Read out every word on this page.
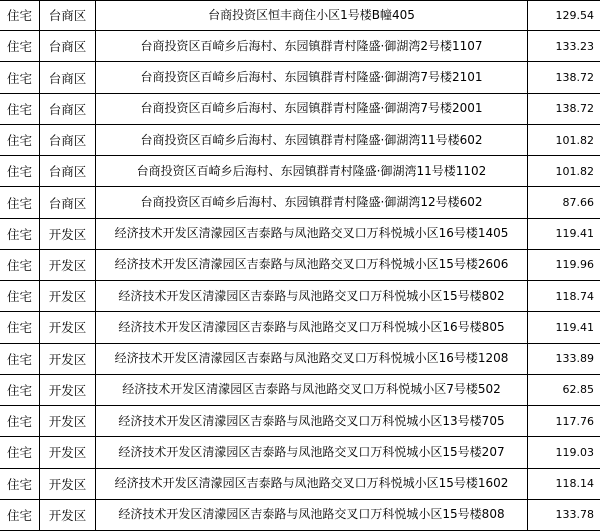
住宅 台商区	台商投资区恒丰商住小区1号楼B幢405	129.54
住宅 台商区	台商投资区百崎乡后海村、东园镇群青村隆盛·御湖湾2号楼1107	133.23
住宅 台商区	台商投资区百崎乡后海村、东园镇群青村隆盛·御湖湾7号楼2101	138.72
住宅 台商区	台商投资区百崎乡后海村、东园镇群青村隆盛·御湖湾7号楼2001	138.72
住宅 台商区	台商投资区百崎乡后海村、东园镇群青村隆盛·御湖湾11号楼602	101.82
住宅 台商区	台商投资区百崎乡后海村、东园镇群青村隆盛·御湖湾11号楼1102	101.82
住宅 台商区	台商投资区百崎乡后海村、东园镇群青村隆盛·御湖湾12号楼602	87.66
住宅 开发区	经济技术开发区清濛园区吉泰路与凤池路交叉口万科悦城小区16号楼1405	119.41
住宅 开发区	经济技术开发区清濛园区吉泰路与凤池路交叉口万科悦城小区15号楼2606	119.96
住宅 开发区	经济技术开发区清濛园区吉泰路与凤池路交叉口万科悦城小区15号楼802	118.74
住宅 开发区	经济技术开发区清濛园区吉泰路与凤池路交叉口万科悦城小区16号楼805	119.41
住宅 开发区	经济技术开发区清濛园区吉泰路与凤池路交叉口万科悦城小区16号楼1208	133.89
住宅 开发区	经济技术开发区清濛园区吉泰路与凤池路交叉口万科悦城小区7号楼502	62.85
住宅 开发区	经济技术开发区清濛园区吉泰路与凤池路交叉口万科悦城小区13号楼705	117.76
住宅 开发区	经济技术开发区清濛园区吉泰路与凤池路交叉口万科悦城小区15号楼207	119.03
住宅 开发区	经济技术开发区清濛园区吉泰路与凤池路交叉口万科悦城小区15号楼1602	118.14
住宅 开发区	经济技术开发区清濛园区吉泰路与凤池路交叉口万科悦城小区15号楼808	133.78
